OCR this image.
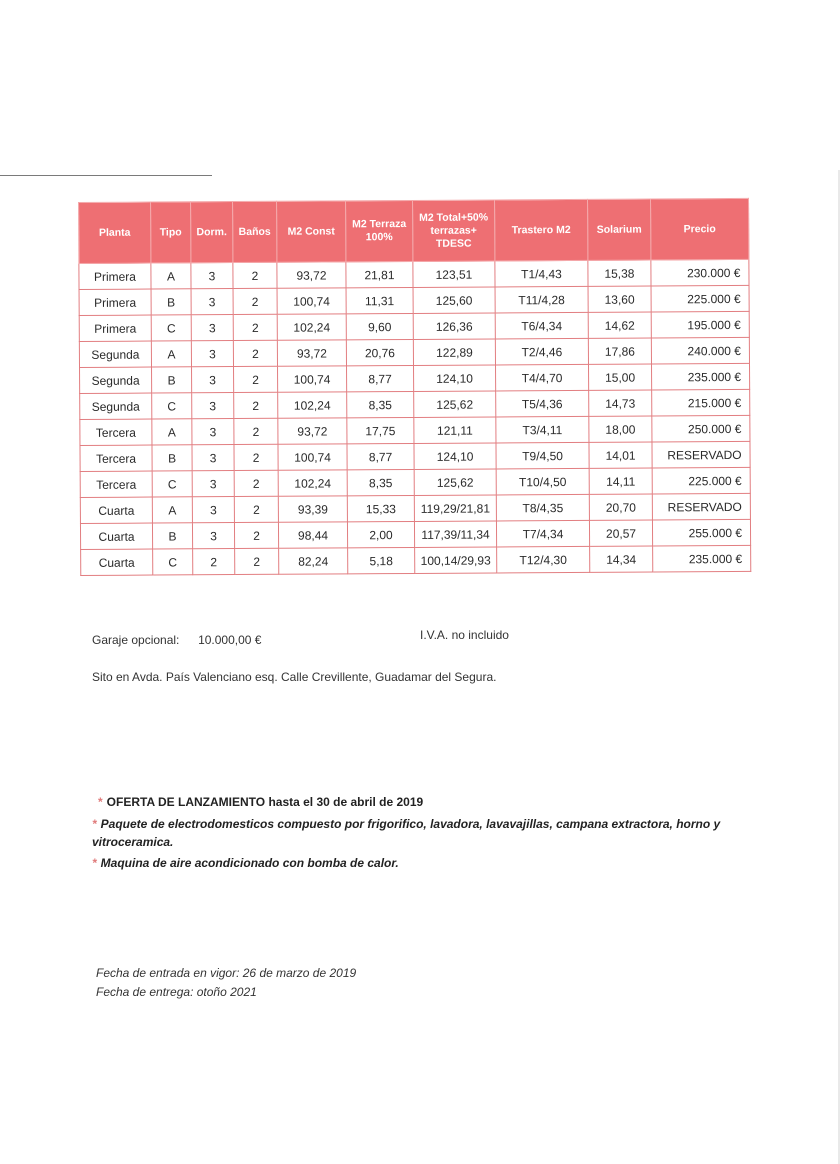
Planta	Tipo	Dorm.	Baños	M2 Const	M2 Terraza 100%	M2 Total+50% terrazas+ TDESC	Trastero M2	Solarium	Precio
Primera	A	3	2	93,72	21,81	123,51	T1/4,43	15,38	230.000 €
Primera	B	3	2	100,74	11,31	125,60	T11/4,28	13,60	225.000 €
Primera	C	3	2	102,24	9,60	126,36	T6/4,34	14,62	195.000 €
Segunda	A	3	2	93,72	20,76	122,89	T2/4,46	17,86	240.000 €
Segunda	B	3	2	100,74	8,77	124,10	T4/4,70	15,00	235.000 €
Segunda	C	3	2	102,24	8,35	125,62	T5/4,36	14,73	215.000 €
Tercera	A	3	2	93,72	17,75	121,11	T3/4,11	18,00	250.000 €
Tercera	B	3	2	100,74	8,77	124,10	T9/4,50	14,01	RESERVADO
Tercera	C	3	2	102,24	8,35	125,62	T10/4,50	14,11	225.000 €
Cuarta	A	3	2	93,39	15,33	119,29/21,81	T8/4,35	20,70	RESERVADO
Cuarta	B	3	2	98,44	2,00	117,39/11,34	T7/4,34	20,57	255.000 €
Cuarta	C	2	2	82,24	5,18	100,14/29,93	T12/4,30	14,34	235.000 €
Garaje opcional: 10.000,00 €	I.V.A. no incluido
Sito en Avda. País Valenciano esq. Calle Crevillente, Guadamar del Segura.
* OFERTA DE LANZAMIENTO hasta el 30 de abril de 2019
* Paquete de electrodomesticos compuesto por frigorifico, lavadora, lavavajillas, campana extractora, horno y vitroceramica.
* Maquina de aire acondicionado con bomba de calor.
Fecha de entrada en vigor: 26 de marzo de 2019
Fecha de entrega: otoño 2021
